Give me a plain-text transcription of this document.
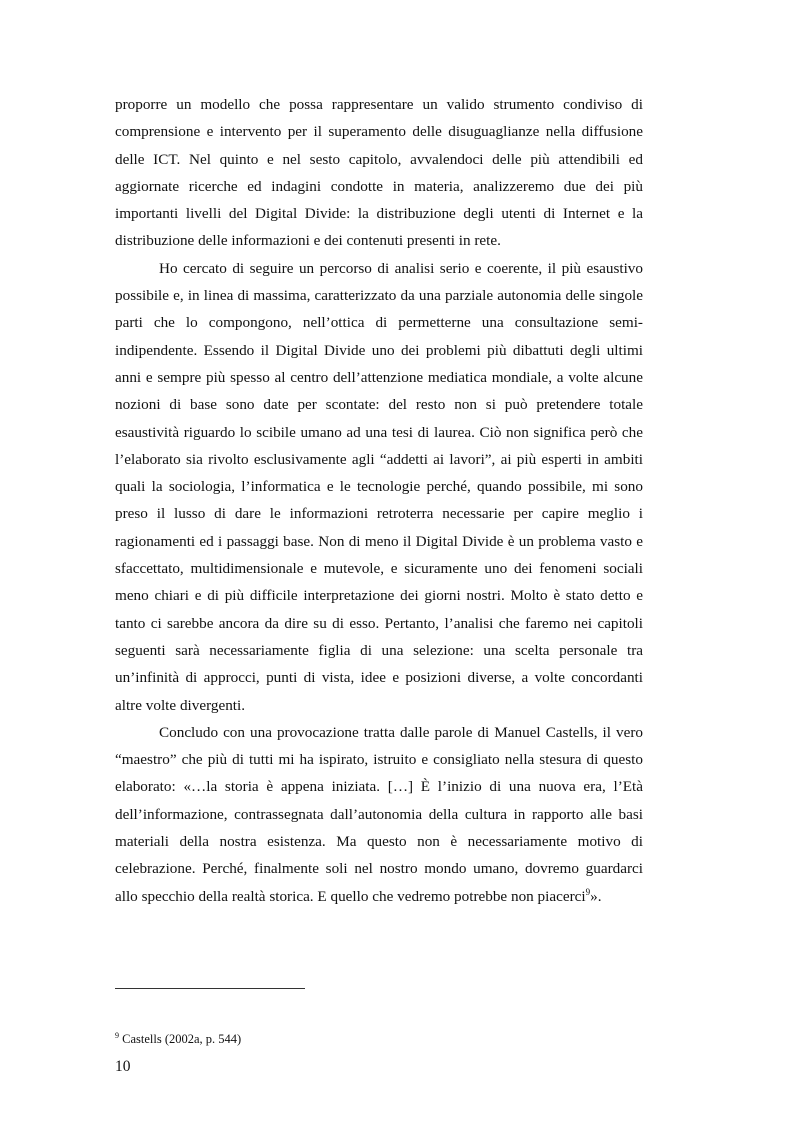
proporre un modello che possa rappresentare un valido strumento condiviso di comprensione e intervento per il superamento delle disuguaglianze nella diffusione delle ICT. Nel quinto e nel sesto capitolo, avvalendoci delle più attendibili ed aggiornate ricerche ed indagini condotte in materia, analizzeremo due dei più importanti livelli del Digital Divide: la distribuzione degli utenti di Internet e la distribuzione delle informazioni e dei contenuti presenti in rete.

Ho cercato di seguire un percorso di analisi serio e coerente, il più esaustivo possibile e, in linea di massima, caratterizzato da una parziale autonomia delle singole parti che lo compongono, nell’ottica di permetterne una consultazione semi-indipendente. Essendo il Digital Divide uno dei problemi più dibattuti degli ultimi anni e sempre più spesso al centro dell’attenzione mediatica mondiale, a volte alcune nozioni di base sono date per scontate: del resto non si può pretendere totale esaustività riguardo lo scibile umano ad una tesi di laurea. Ciò non significa però che l’elaborato sia rivolto esclusivamente agli “addetti ai lavori”, ai più esperti in ambiti quali la sociologia, l’informatica e le tecnologie perché, quando possibile, mi sono preso il lusso di dare le informazioni retroterra necessarie per capire meglio i ragionamenti ed i passaggi base. Non di meno il Digital Divide è un problema vasto e sfaccettato, multidimensionale e mutevole, e sicuramente uno dei fenomeni sociali meno chiari e di più difficile interpretazione dei giorni nostri. Molto è stato detto e tanto ci sarebbe ancora da dire su di esso. Pertanto, l’analisi che faremo nei capitoli seguenti sarà necessariamente figlia di una selezione: una scelta personale tra un’infinità di approcci, punti di vista, idee e posizioni diverse, a volte concordanti altre volte divergenti.

Concludo con una provocazione tratta dalle parole di Manuel Castells, il vero “maestro” che più di tutti mi ha ispirato, istruito e consigliato nella stesura di questo elaborato: «…la storia è appena iniziata. […] È l’inizio di una nuova era, l’Età dell’informazione, contrassegnata dall’autonomia della cultura in rapporto alle basi materiali della nostra esistenza. Ma questo non è necessariamente motivo di celebrazione. Perché, finalmente soli nel nostro mondo umano, dovremo guardarci allo specchio della realtà storica. E quello che vedremo potrebbe non piacerci$^9$».

$^9$ Castells (2002a, p. 544)
10
